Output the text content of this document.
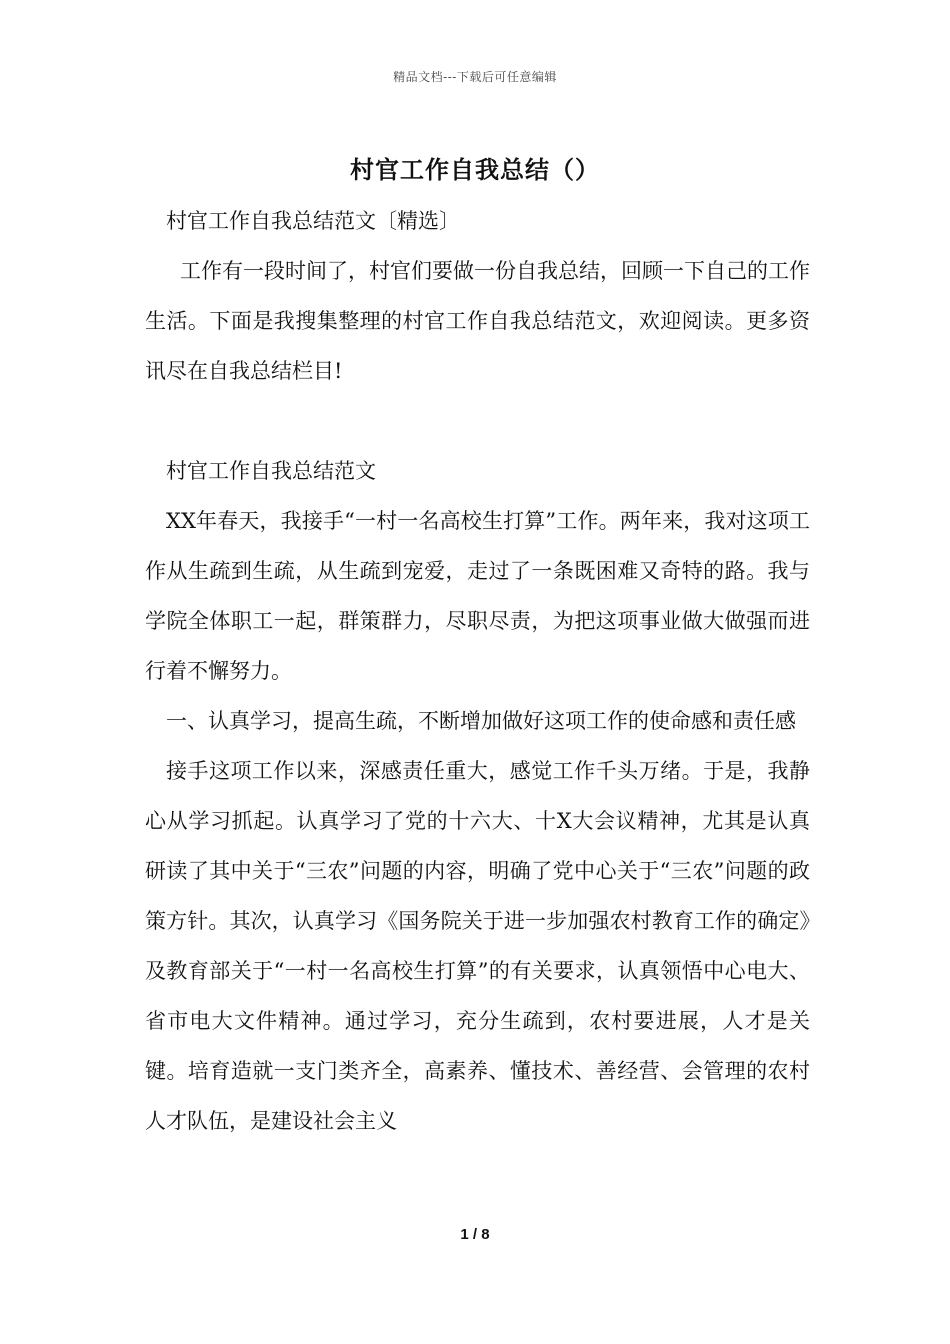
精品文档---下载后可任意编辑
村官工作自我总结（）

村官工作自我总结范文〔精选〕

工作有一段时间了，村官们要做一份自我总结，回顾一下自己的工作生活。下面是我搜集整理的村官工作自我总结范文，欢迎阅读。更多资讯尽在自我总结栏目!

村官工作自我总结范文

XX年春天，我接手“一村一名高校生打算”工作。两年来，我对这项工作从生疏到生疏，从生疏到宠爱，走过了一条既困难又奇特的路。我与学院全体职工一起，群策群力，尽职尽责，为把这项事业做大做强而进行着不懈努力。

一、认真学习，提高生疏，不断增加做好这项工作的使命感和责任感

接手这项工作以来，深感责任重大，感觉工作千头万绪。于是，我静心从学习抓起。认真学习了党的十六大、十X大会议精神，尤其是认真研读了其中关于“三农”问题的内容，明确了党中心关于“三农”问题的政策方针。其次，认真学习《国务院关于进一步加强农村教育工作的确定》及教育部关于“一村一名高校生打算”的有关要求，认真领悟中心电大、省市电大文件精神。通过学习，充分生疏到，农村要进展，人才是关键。培育造就一支门类齐全，高素养、懂技术、善经营、会管理的农村人才队伍，是建设社会主义

1 / 8
